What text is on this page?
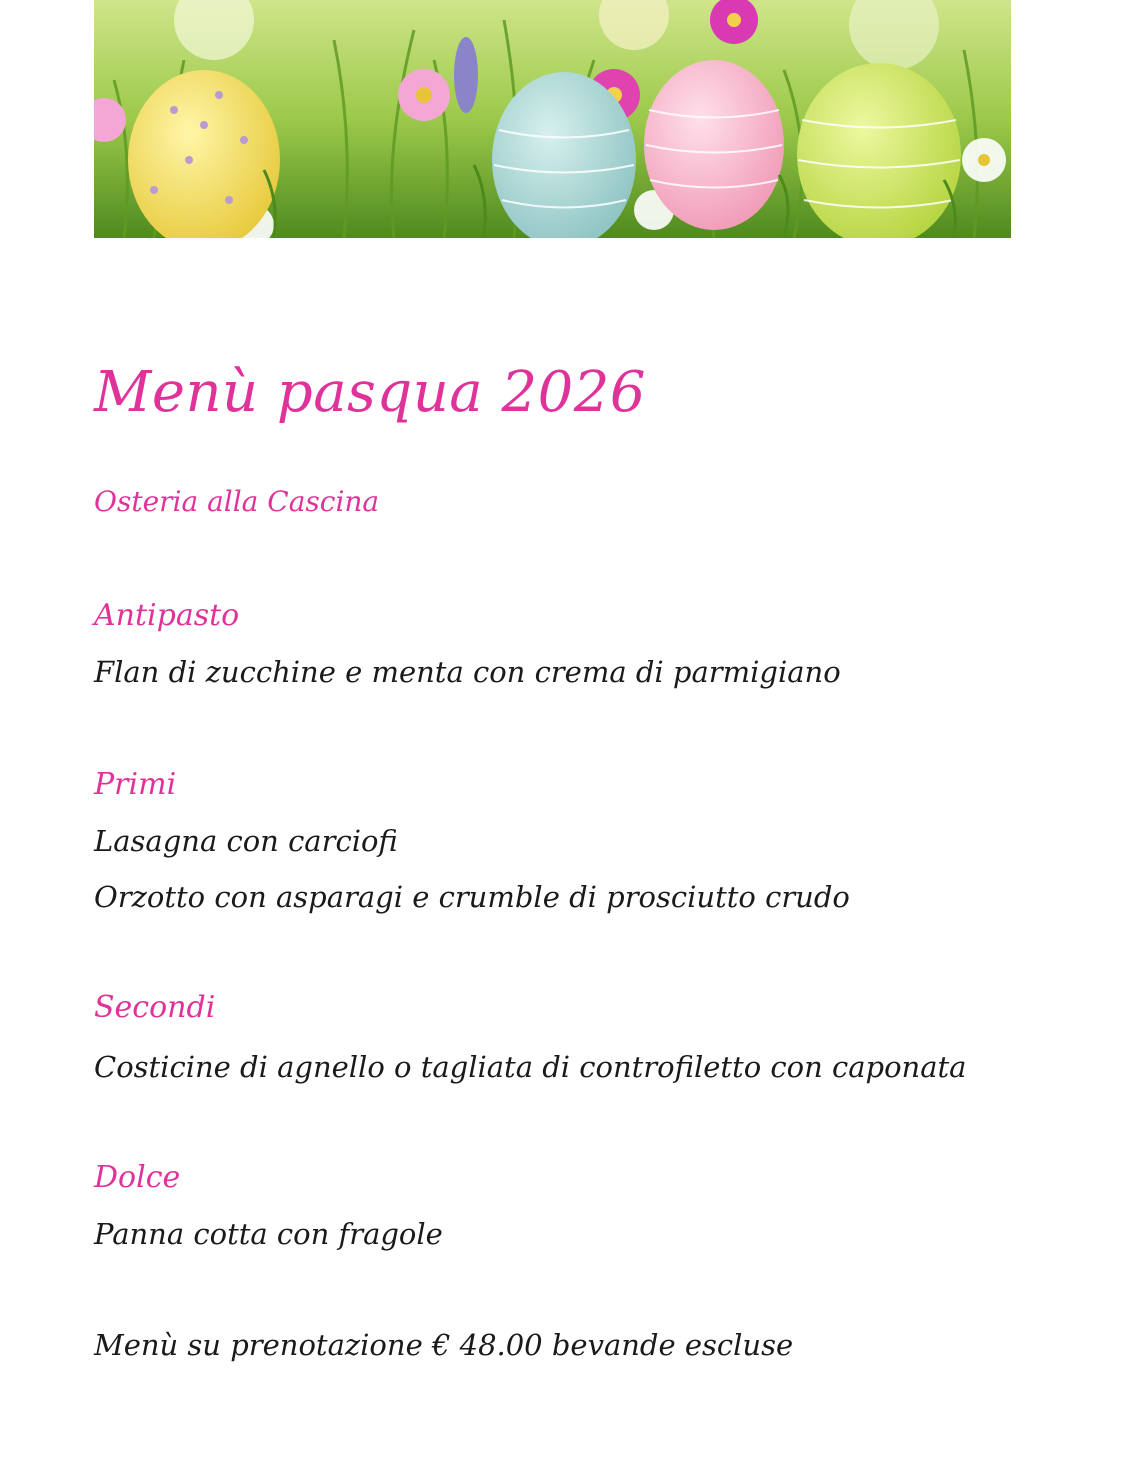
Menù pasqua 2026
Osteria alla Cascina
Antipasto
Flan di zucchine e menta con crema di parmigiano
Primi
Lasagna con carciofi
Orzotto con asparagi e crumble di prosciutto crudo
Secondi
Costicine di agnello o tagliata di controfiletto con caponata
Dolce
Panna cotta con fragole
Menù su prenotazione € 48.00 bevande escluse
